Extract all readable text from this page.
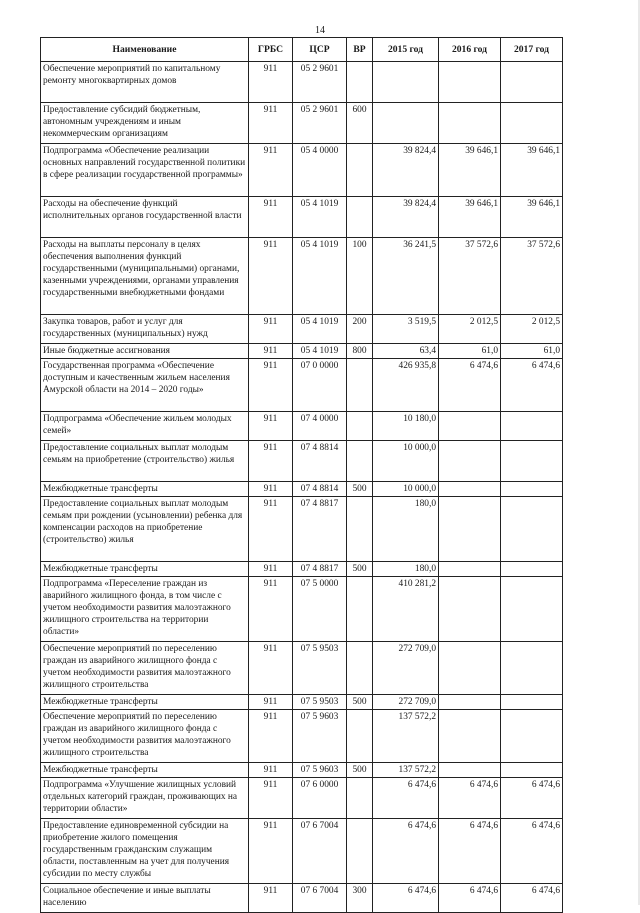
14
Наименование	ГРБС	ЦСР	ВР	2015 год	2016 год	2017 год
Обеспечение мероприятий по капитальному ремонту многоквартирных домов	911	05 2 9601				
Предоставление субсидий бюджетным, автономным учреждениям и иным некоммерческим организациям	911	05 2 9601	600			
Подпрограмма «Обеспечение реализации основных направлений государственной политики в сфере реализации государственной программы»	911	05 4 0000		39 824,4	39 646,1	39 646,1
Расходы на обеспечение функций исполнительных органов государственной власти	911	05 4 1019		39 824,4	39 646,1	39 646,1
Расходы на выплаты персоналу в целях обеспечения выполнения функций государственными (муниципальными) органами, казенными учреждениями, органами управления государственными внебюджетными фондами	911	05 4 1019	100	36 241,5	37 572,6	37 572,6
Закупка товаров, работ и услуг для государственных (муниципальных) нужд	911	05 4 1019	200	3 519,5	2 012,5	2 012,5
Иные бюджетные ассигнования	911	05 4 1019	800	63,4	61,0	61,0
Государственная программа «Обеспечение доступным и качественным жильем населения Амурской области на 2014 – 2020 годы»	911	07 0 0000		426 935,8	6 474,6	6 474,6
Подпрограмма «Обеспечение жильем молодых семей»	911	07 4 0000		10 180,0		
Предоставление социальных выплат молодым семьям на приобретение (строительство) жилья	911	07 4 8814		10 000,0		
Межбюджетные трансферты	911	07 4 8814	500	10 000,0		
Предоставление социальных выплат молодым семьям при рождении (усыновлении) ребенка для компенсации расходов на приобретение (строительство) жилья	911	07 4 8817		180,0		
Межбюджетные трансферты	911	07 4 8817	500	180,0		
Подпрограмма «Переселение граждан из аварийного жилищного фонда, в том числе с учетом необходимости развития малоэтажного жилищного строительства на территории области»	911	07 5 0000		410 281,2		
Обеспечение мероприятий по переселению граждан из аварийного жилищного фонда с учетом необходимости развития малоэтажного жилищного строительства	911	07 5 9503		272 709,0		
Межбюджетные трансферты	911	07 5 9503	500	272 709,0		
Обеспечение мероприятий по переселению граждан из аварийного жилищного фонда с учетом необходимости развития малоэтажного жилищного строительства	911	07 5 9603		137 572,2		
Межбюджетные трансферты	911	07 5 9603	500	137 572,2		
Подпрограмма «Улучшение жилищных условий отдельных категорий граждан, проживающих на территории области»	911	07 6 0000		6 474,6	6 474,6	6 474,6
Предоставление единовременной субсидии на приобретение жилого помещения государственным гражданским служащим области, поставленным на учет для получения субсидии по месту службы	911	07 6 7004		6 474,6	6 474,6	6 474,6
Социальное обеспечение и иные выплаты населению	911	07 6 7004	300	6 474,6	6 474,6	6 474,6
